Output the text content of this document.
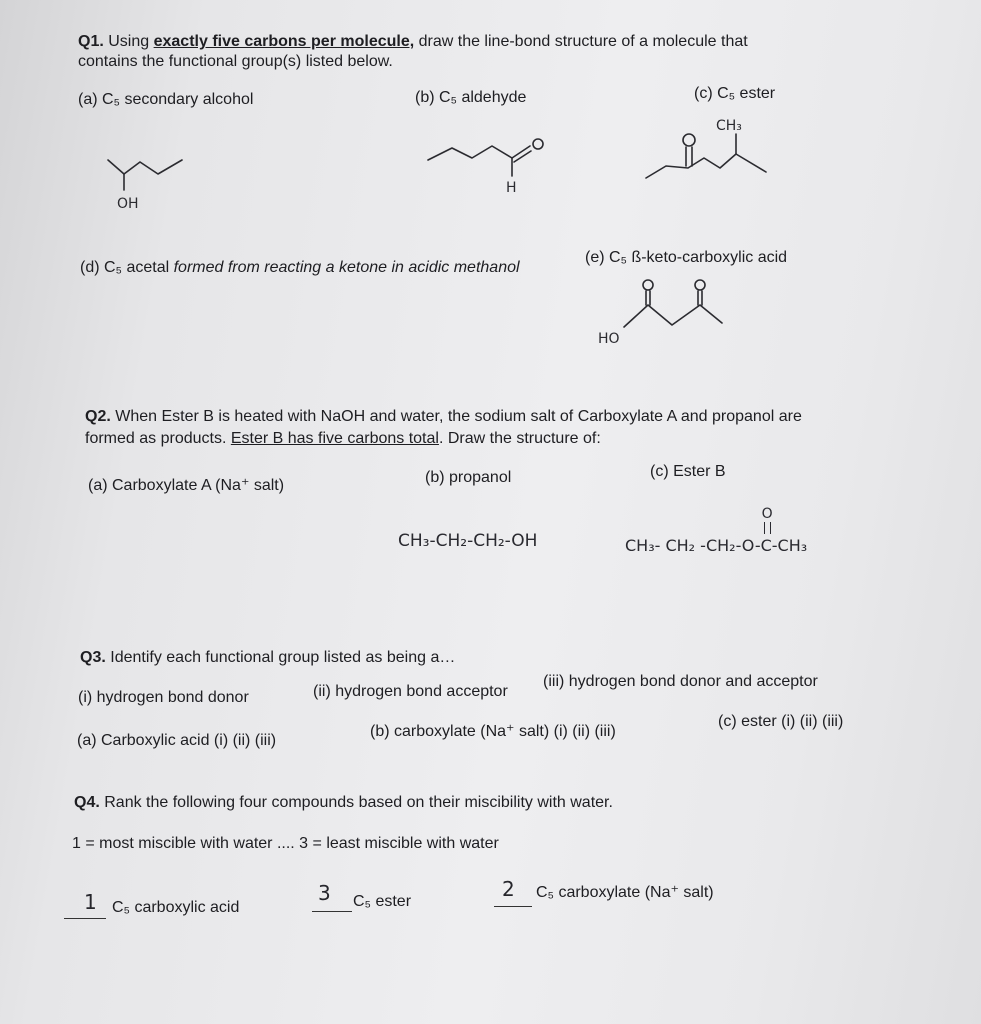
Q1. Using exactly five carbons per molecule, draw the line-bond structure of a molecule that
contains the functional group(s) listed below.
(a) C₅ secondary alcohol	(b) C₅ aldehyde	(c) C₅ ester
OH
H
CH₃
(d) C₅ acetal formed from reacting a ketone in acidic methanol
(e) C₅ ß-keto-carboxylic acid
HO
Q2. When Ester B is heated with NaOH and water, the sodium salt of Carboxylate A and propanol are
formed as products. Ester B has five carbons total. Draw the structure of:
(a) Carboxylate A (Na⁺ salt)	(b) propanol	(c) Ester B
CH₃-CH₂-CH₂-OH	CH₃- CH₂ -CH₂-O-
O
C-CH₃
Q3. Identify each functional group listed as being a…
(i) hydrogen bond donor	(ii) hydrogen bond acceptor
(iii) hydrogen bond donor and acceptor
(a) Carboxylic acid (i) (ii) (iii)
(b) carboxylate (Na⁺ salt) (i) (ii) (iii)
(c) ester (i) (ii) (iii)
Q4. Rank the following four compounds based on their miscibility with water.
1 = most miscible with water .... 3 = least miscible with water
1 C₅ carboxylic acid
3 C₅ ester
2 C₅ carboxylate (Na⁺ salt)
